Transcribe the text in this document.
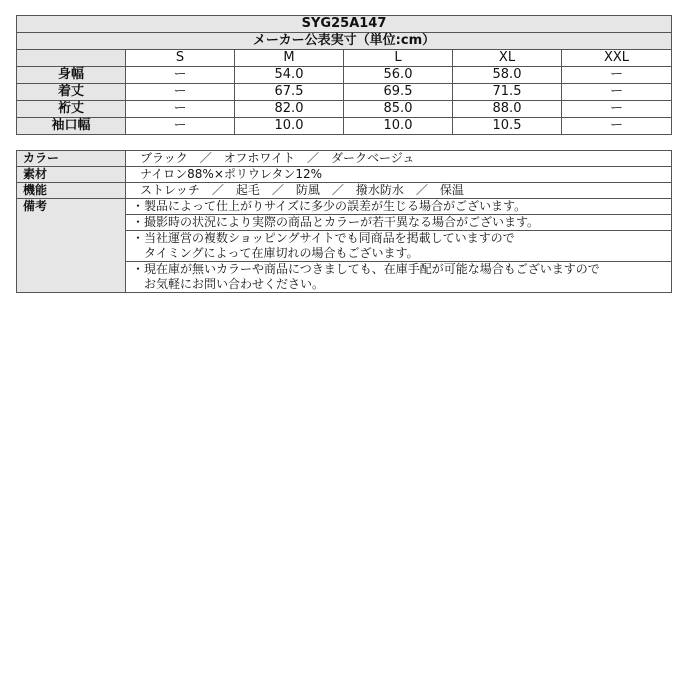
SYG25A147					
メーカー公表実寸（単位:cm）					
	S	M	L	XL	XXL
身幅	ー	54.0	56.0	58.0	ー
着丈	ー	67.5	69.5	71.5	ー
裄丈	ー	82.0	85.0	88.0	ー
袖口幅	ー	10.0	10.0	10.5	ー
カラー	ブラック　／　オフホワイト　／　ダークベージュ
素材	ナイロン88%×ポリウレタン12%
機能	ストレッチ　／　起毛　／　防風　／　撥水防水　／　保温
備考	・製品によって仕上がりサイズに多少の誤差が生じる場合がございます。

	・撮影時の状況により実際の商品とカラーが若干異なる場合がございます。

	・当社運営の複数ショッピングサイトでも同商品を掲載していますので
　タイミングによって在庫切れの場合もございます。

	・現在庫が無いカラーや商品につきましても、在庫手配が可能な場合もございますので
　お気軽にお問い合わせください。
